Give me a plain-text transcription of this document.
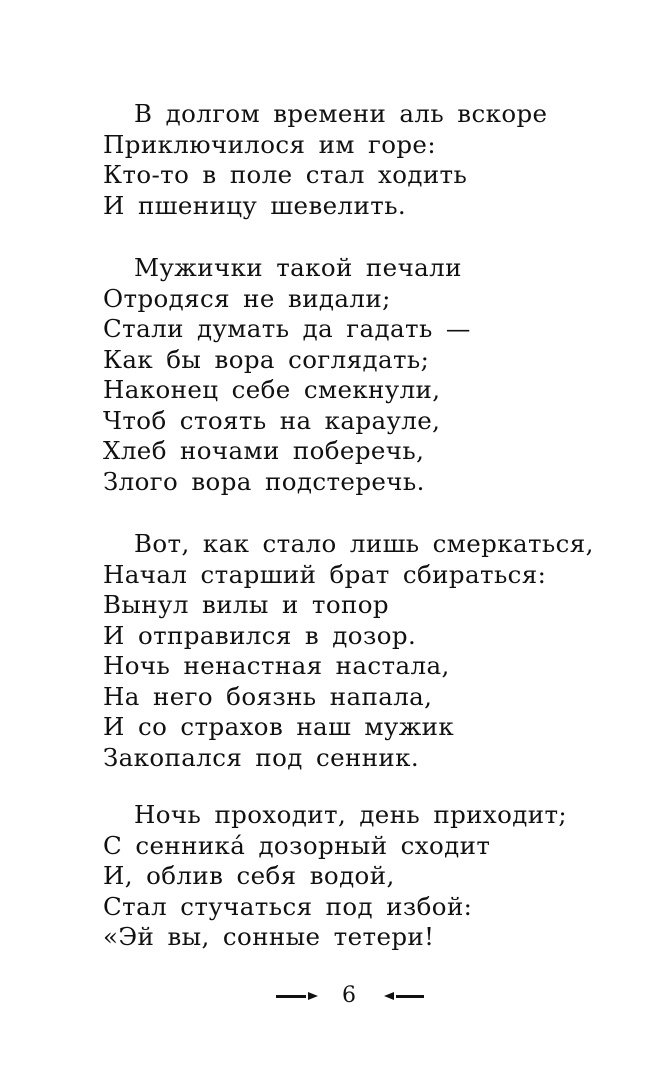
В долгом времени аль вскоре
Приключилося им горе:
Кто-то в поле стал ходить
И пшеницу шевелить.
Мужички такой печали
Отродяся не видали;
Стали думать да гадать —
Как бы вора соглядать;
Наконец себе смекнули,
Чтоб стоять на карауле,
Хлеб ночами поберечь,
Злого вора подстеречь.
Вот, как стало лишь смеркаться,
Начал старший брат сбираться:
Вынул вилы и топор
И отправился в дозор.
Ночь ненастная настала,
На него боязнь напала,
И со страхов наш мужик
Закопался под сенник.
Ночь проходит, день приходит;
С сенника́ дозорный сходит
И, облив себя водой,
Стал стучаться под избой:
«Эй вы, сонные тетери!
6
